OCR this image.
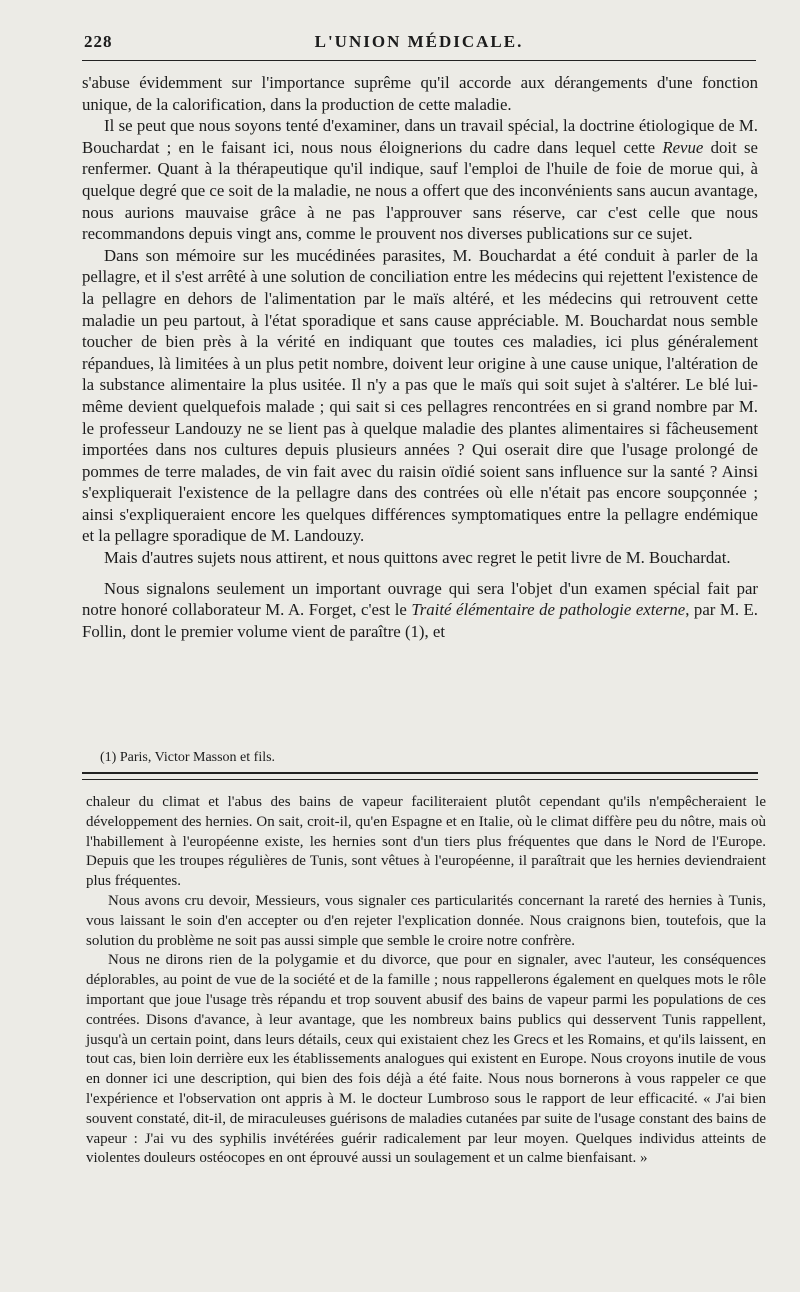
228	L'UNION MÉDICALE.

s'abuse évidemment sur l'importance suprême qu'il accorde aux dérangements d'une fonction unique, de la calorification, dans la production de cette maladie.

Il se peut que nous soyons tenté d'examiner, dans un travail spécial, la doctrine étiologique de M. Bouchardat ; en le faisant ici, nous nous éloignerions du cadre dans lequel cette Revue doit se renfermer. Quant à la thérapeutique qu'il indique, sauf l'emploi de l'huile de foie de morue qui, à quelque degré que ce soit de la maladie, ne nous a offert que des inconvénients sans aucun avantage, nous aurions mauvaise grâce à ne pas l'approuver sans réserve, car c'est celle que nous recommandons depuis vingt ans, comme le prouvent nos diverses publications sur ce sujet.

Dans son mémoire sur les mucédinées parasites, M. Bouchardat a été conduit à parler de la pellagre, et il s'est arrêté à une solution de conciliation entre les médecins qui rejettent l'existence de la pellagre en dehors de l'alimentation par le maïs altéré, et les médecins qui retrouvent cette maladie un peu partout, à l'état sporadique et sans cause appréciable. M. Bouchardat nous semble toucher de bien près à la vérité en indiquant que toutes ces maladies, ici plus généralement répandues, là limitées à un plus petit nombre, doivent leur origine à une cause unique, l'altération de la substance alimentaire la plus usitée. Il n'y a pas que le maïs qui soit sujet à s'altérer. Le blé lui-même devient quelquefois malade ; qui sait si ces pellagres rencontrées en si grand nombre par M. le professeur Landouzy ne se lient pas à quelque maladie des plantes alimentaires si fâcheusement importées dans nos cultures depuis plusieurs années ? Qui oserait dire que l'usage prolongé de pommes de terre malades, de vin fait avec du raisin oïdié soient sans influence sur la santé ? Ainsi s'expliquerait l'existence de la pellagre dans des contrées où elle n'était pas encore soupçonnée ; ainsi s'expliqueraient encore les quelques différences symptomatiques entre la pellagre endémique et la pellagre sporadique de M. Landouzy.

Mais d'autres sujets nous attirent, et nous quittons avec regret le petit livre de M. Bouchardat.

Nous signalons seulement un important ouvrage qui sera l'objet d'un examen spécial fait par notre honoré collaborateur M. A. Forget, c'est le Traité élémentaire de pathologie externe, par M. E. Follin, dont le premier volume vient de paraître (1), et

(1) Paris, Victor Masson et fils.

chaleur du climat et l'abus des bains de vapeur faciliteraient plutôt cependant qu'ils n'empêcheraient le développement des hernies. On sait, croit-il, qu'en Espagne et en Italie, où le climat diffère peu du nôtre, mais où l'habillement à l'européenne existe, les hernies sont d'un tiers plus fréquentes que dans le Nord de l'Europe. Depuis que les troupes régulières de Tunis, sont vêtues à l'européenne, il paraîtrait que les hernies deviendraient plus fréquentes.

Nous avons cru devoir, Messieurs, vous signaler ces particularités concernant la rareté des hernies à Tunis, vous laissant le soin d'en accepter ou d'en rejeter l'explication donnée. Nous craignons bien, toutefois, que la solution du problème ne soit pas aussi simple que semble le croire notre confrère.

Nous ne dirons rien de la polygamie et du divorce, que pour en signaler, avec l'auteur, les conséquences déplorables, au point de vue de la société et de la famille ; nous rappellerons également en quelques mots le rôle important que joue l'usage très répandu et trop souvent abusif des bains de vapeur parmi les populations de ces contrées. Disons d'avance, à leur avantage, que les nombreux bains publics qui desservent Tunis rappellent, jusqu'à un certain point, dans leurs détails, ceux qui existaient chez les Grecs et les Romains, et qu'ils laissent, en tout cas, bien loin derrière eux les établissements analogues qui existent en Europe. Nous croyons inutile de vous en donner ici une description, qui bien des fois déjà a été faite. Nous nous bornerons à vous rappeler ce que l'expérience et l'observation ont appris à M. le docteur Lumbroso sous le rapport de leur efficacité. « J'ai bien souvent constaté, dit-il, de miraculeuses guérisons de maladies cutanées par suite de l'usage constant des bains de vapeur : J'ai vu des syphilis invétérées guérir radicalement par leur moyen. Quelques individus atteints de violentes douleurs ostéocopes en ont éprouvé aussi un soulagement et un calme bienfaisant. »
